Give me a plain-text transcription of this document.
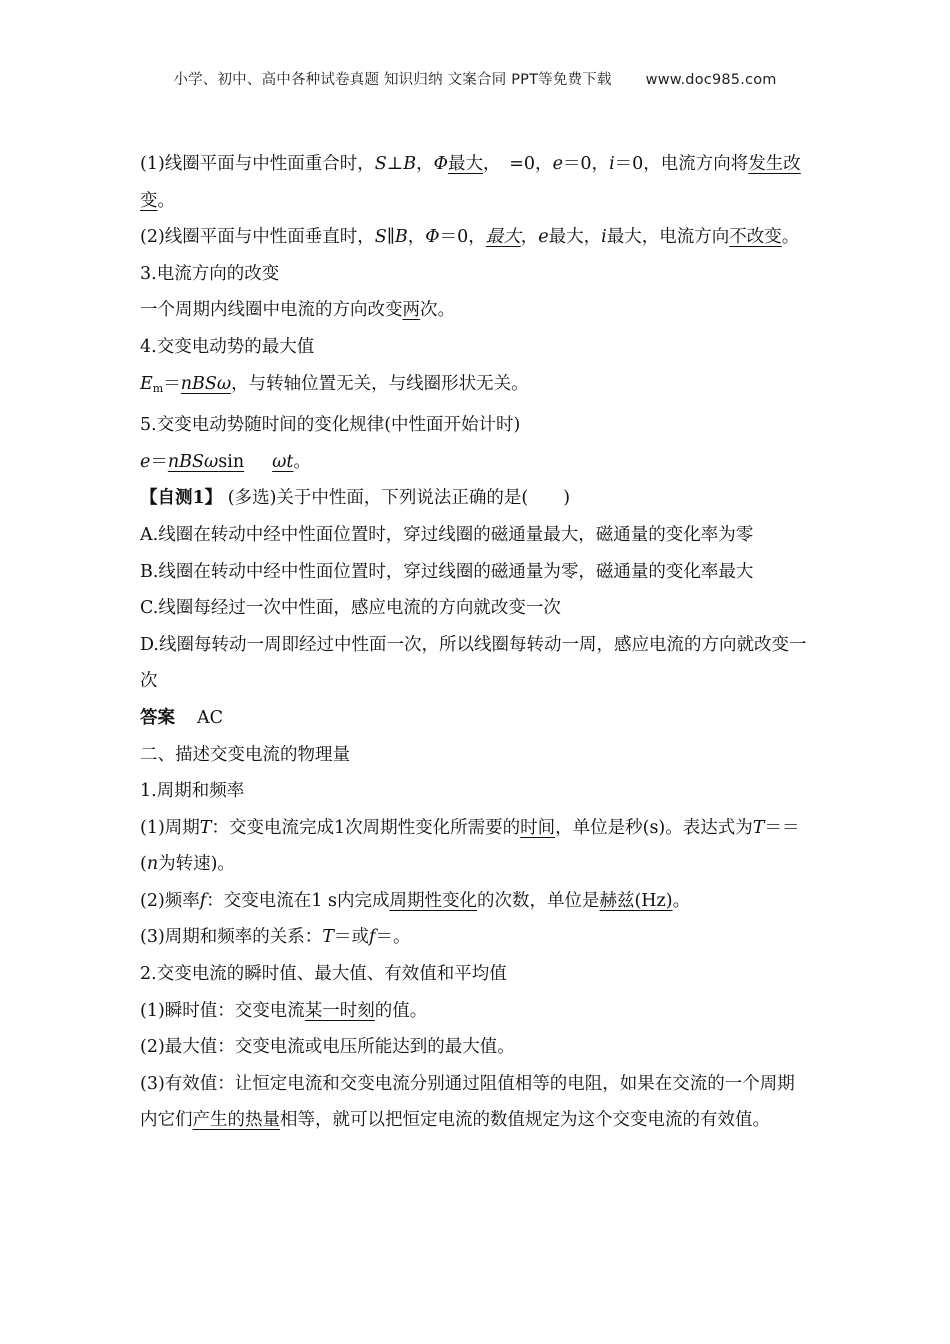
小学、初中、高中各种试卷真题 知识归纳 文案合同 PPT等免费下载 www.doc985.com

(1)线圈平面与中性面重合时，S⊥B，Φ最大，　=0，e＝0，i＝0，电流方向将发生改变。

(2)线圈平面与中性面垂直时，S∥B，Φ＝0，最大，e最大，i最大，电流方向不改变。

3.电流方向的改变

一个周期内线圈中电流的方向改变两次。

4.交变电动势的最大值

$E_m=nBS\omega$，与转轴位置无关，与线圈形状无关。

5.交变电动势随时间的变化规律(中性面开始计时)

e＝nBSωsin ωt。

【自测1】 (多选)关于中性面，下列说法正确的是(　　)

A.线圈在转动中经中性面位置时，穿过线圈的磁通量最大，磁通量的变化率为零

B.线圈在转动中经中性面位置时，穿过线圈的磁通量为零，磁通量的变化率最大

C.线圈每经过一次中性面，感应电流的方向就改变一次

D.线圈每转动一周即经过中性面一次，所以线圈每转动一周，感应电流的方向就改变一次

答案 AC

二、描述交变电流的物理量

1.周期和频率

(1)周期T：交变电流完成1次周期性变化所需要的时间，单位是秒(s)。表达式为T＝＝(n为转速)。

(2)频率f：交变电流在1 s内完成周期性变化的次数，单位是赫兹(Hz)。

(3)周期和频率的关系：T＝或f＝。

2.交变电流的瞬时值、最大值、有效值和平均值

(1)瞬时值：交变电流某一时刻的值。

(2)最大值：交变电流或电压所能达到的最大值。

(3)有效值：让恒定电流和交变电流分别通过阻值相等的电阻，如果在交流的一个周期内它们产生的热量相等，就可以把恒定电流的数值规定为这个交变电流的有效值。
